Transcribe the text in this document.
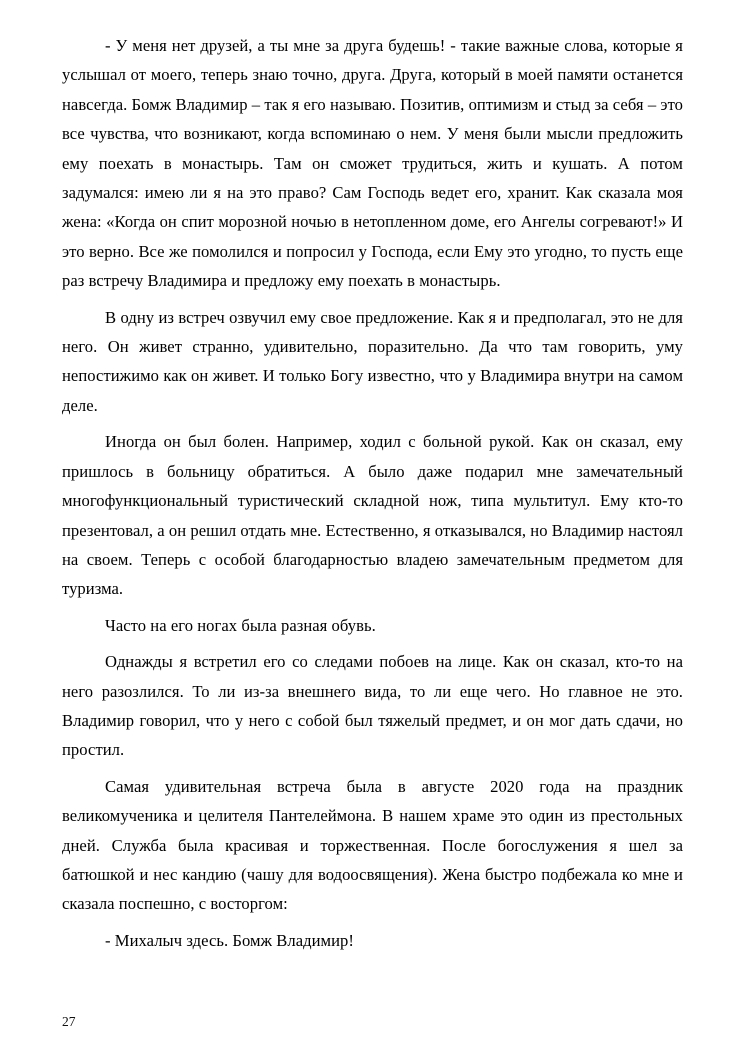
- У меня нет друзей, а ты мне за друга будешь! - такие важные слова, которые я услышал от моего, теперь знаю точно, друга. Друга, который в моей памяти останется навсегда. Бомж Владимир – так я его называю. Позитив, оптимизм и стыд за себя – это все чувства, что возникают, когда вспоминаю о нем. У меня были мысли предложить ему поехать в монастырь. Там он сможет трудиться, жить и кушать. А потом задумался: имею ли я на это право? Сам Господь ведет его, хранит. Как сказала моя жена: «Когда он спит морозной ночью в нетопленном доме, его Ангелы согревают!» И это верно. Все же помолился и попросил у Господа, если Ему это угодно, то пусть еще раз встречу Владимира и предложу ему поехать в монастырь.

В одну из встреч озвучил ему свое предложение. Как я и предполагал, это не для него. Он живет странно, удивительно, поразительно. Да что там говорить, уму непостижимо как он живет. И только Богу известно, что у Владимира внутри на самом деле.

Иногда он был болен. Например, ходил с больной рукой. Как он сказал, ему пришлось в больницу обратиться. А было даже подарил мне замечательный многофункциональный туристический складной нож, типа мультитул. Ему кто-то презентовал, а он решил отдать мне. Естественно, я отказывался, но Владимир настоял на своем. Теперь с особой благодарностью владею замечательным предметом для туризма.

Часто на его ногах была разная обувь.

Однажды я встретил его со следами побоев на лице. Как он сказал, кто-то на него разозлился. То ли из-за внешнего вида, то ли еще чего. Но главное не это. Владимир говорил, что у него с собой был тяжелый предмет, и он мог дать сдачи, но простил.

Самая удивительная встреча была в августе 2020 года на праздник великомученика и целителя Пантелеймона. В нашем храме это один из престольных дней. Служба была красивая и торжественная. После богослужения я шел за батюшкой и нес кандию (чашу для водоосвящения). Жена быстро подбежала ко мне и сказала поспешно, с восторгом:

- Михалыч здесь. Бомж Владимир!

27
